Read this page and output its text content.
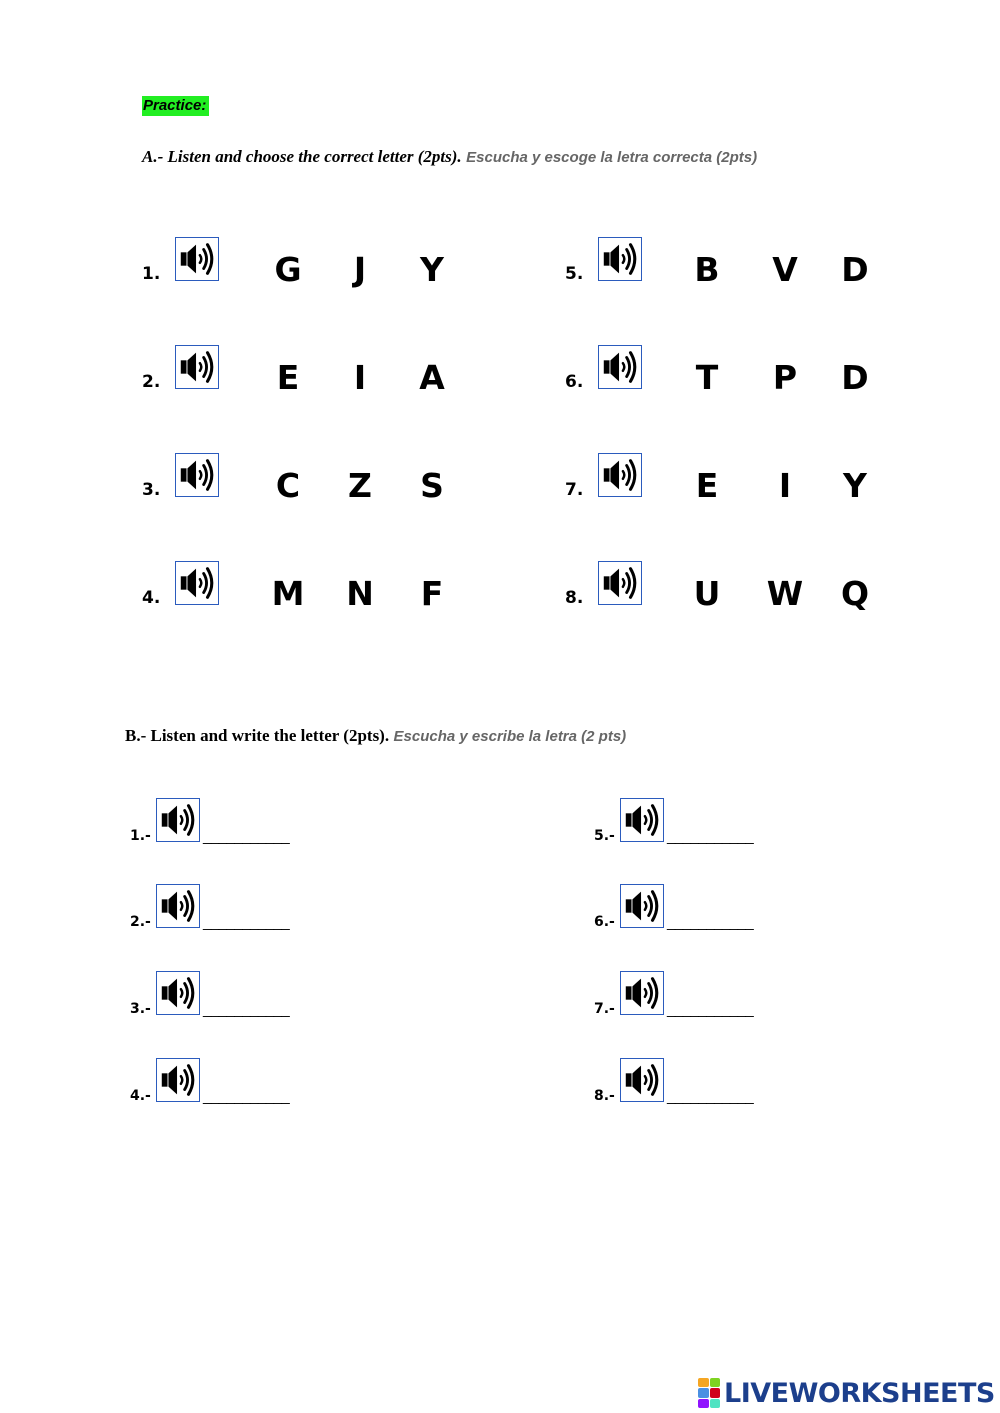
Practice:
A.- Listen and choose the correct letter (2pts). Escucha y escoge la letra correcta (2pts)
1.	G	J	Y
2.	E	I	A
3.	C	Z	S
4.	M N	F
5.	B V D
6.	T	P	D
7.	E	I	Y
8.	U W Q
B.- Listen and write the letter (2pts). Escucha y escribe la letra (2 pts)
1.-	___________
2.-	___________
3.-	___________
4.-	___________
5.-	___________
6.-	___________
7.-	___________
8.-	___________
LIVEWORKSHEETS
